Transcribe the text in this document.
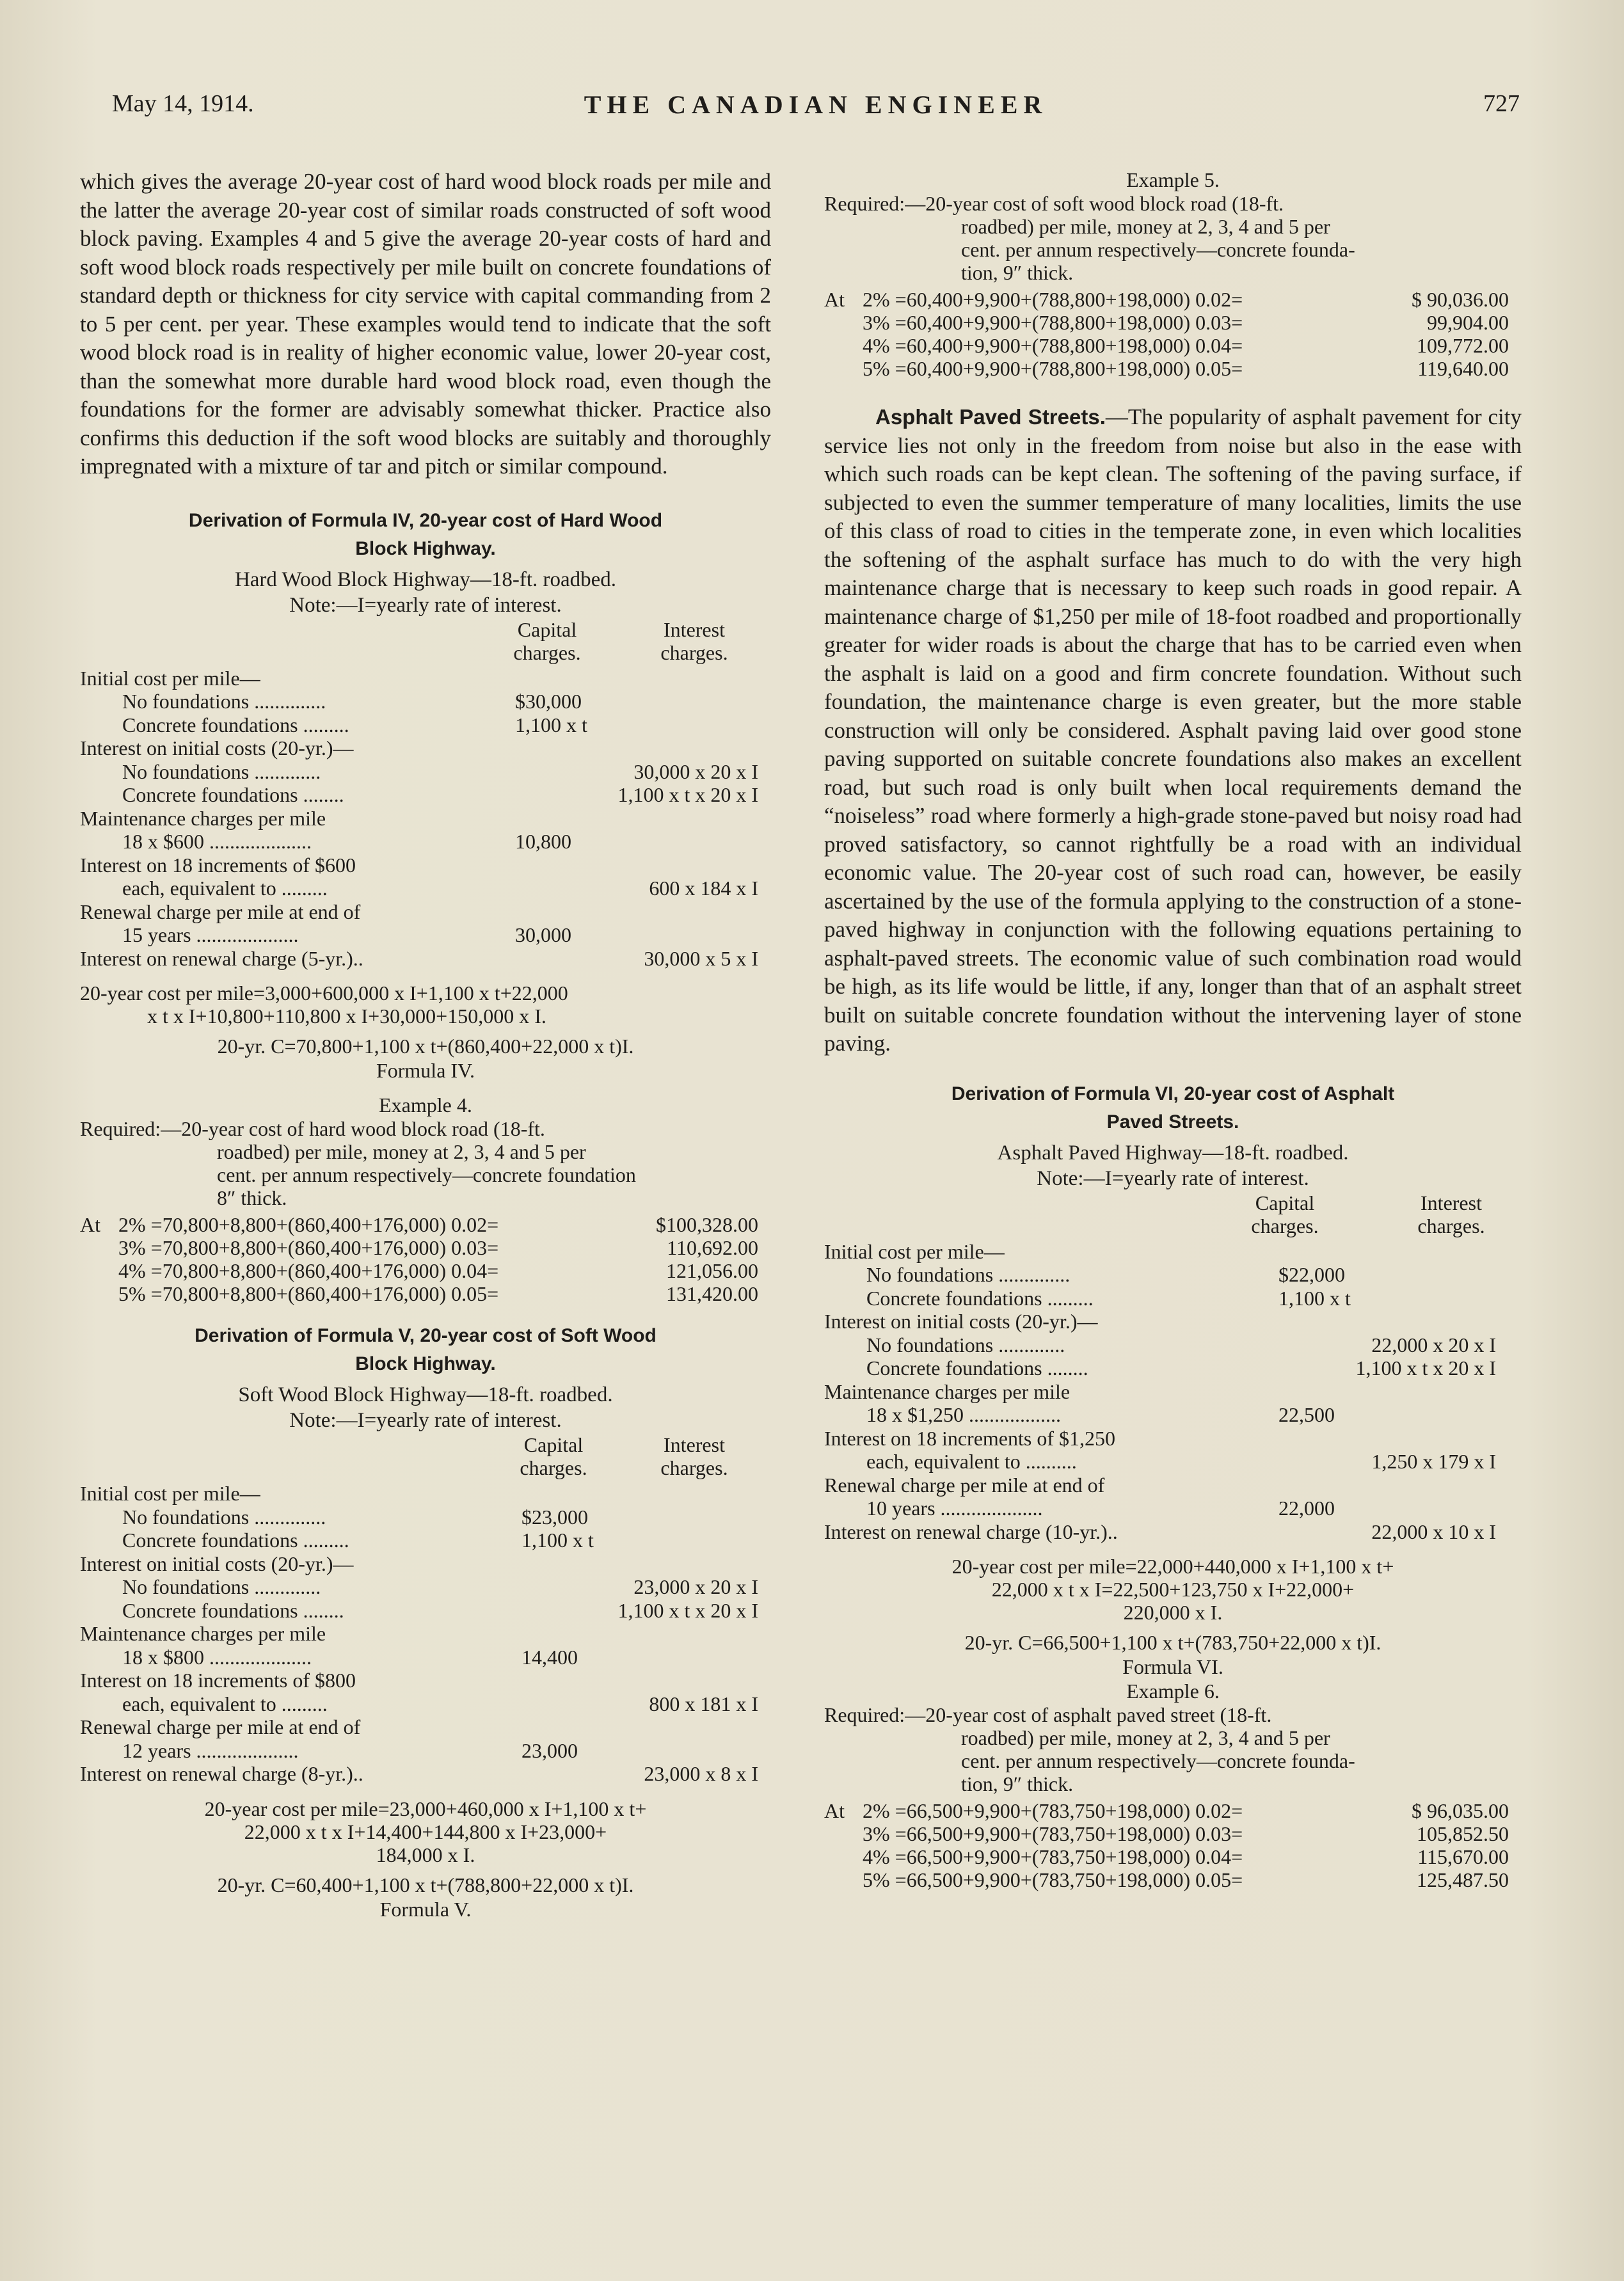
May 14, 1914.	THE CANADIAN ENGINEER	727

which gives the average 20-year cost of hard wood block roads per mile and the latter the average 20-year cost of similar roads constructed of soft wood block paving. Examples 4 and 5 give the average 20-year costs of hard and soft wood block roads respectively per mile built on concrete foundations of standard depth or thickness for city service with capital commanding from 2 to 5 per cent. per year. These examples would tend to indicate that the soft wood block road is in reality of higher economic value, lower 20-year cost, than the somewhat more durable hard wood block road, even though the foundations for the former are advisably somewhat thicker. Practice also confirms this deduction if the soft wood blocks are suitably and thoroughly impregnated with a mixture of tar and pitch or similar compound.

Derivation of Formula IV, 20-year cost of Hard Wood
Block Highway.
Hard Wood Block Highway—18-ft. roadbed.
Note:—I=yearly rate of interest.
Capital charges.
Interest charges.
Initial cost per mile—
No foundations ..............	$30,000
Concrete foundations .........	1,100 x t
Interest on initial costs (20-yr.)—
No foundations .............	30,000 x 20 x I
Concrete foundations ........	1,100 x t x 20 x I
Maintenance charges per mile
18 x $600 ....................	10,800
Interest on 18 increments of $600
each, equivalent to .........	600 x 184 x I
Renewal charge per mile at end of
15 years ....................	30,000
Interest on renewal charge (5-yr.)..	30,000 x 5 x I
20-year cost per mile=3,000+600,000 x I+1,100 x t+22,000
x t x I+10,800+110,800 x I+30,000+150,000 x I.
20-yr. C=70,800+1,100 x t+(860,400+22,000 x t)I.
Formula IV.
Example 4.
Required:—20-year cost of hard wood block road (18-ft.
roadbed) per mile, money at 2, 3, 4 and 5 per
cent. per annum respectively—concrete foundation
8″ thick.
At 2% =70,800+8,800+(860,400+176,000) 0.02=	$100,328.00
3% =70,800+8,800+(860,400+176,000) 0.03=	110,692.00
4% =70,800+8,800+(860,400+176,000) 0.04=	121,056.00
5% =70,800+8,800+(860,400+176,000) 0.05=	131,420.00
Derivation of Formula V, 20-year cost of Soft Wood
Block Highway.
Soft Wood Block Highway—18-ft. roadbed.
Note:—I=yearly rate of interest.
Capital charges.
Interest charges.
Initial cost per mile—
No foundations ..............	$23,000
Concrete foundations .........	1,100 x t
Interest on initial costs (20-yr.)—
No foundations .............	23,000 x 20 x I
Concrete foundations ........	1,100 x t x 20 x I
Maintenance charges per mile
18 x $800 ....................	14,400
Interest on 18 increments of $800
each, equivalent to .........	800 x 181 x I
Renewal charge per mile at end of
12 years ....................	23,000
Interest on renewal charge (8-yr.)..	23,000 x 8 x I
20-year cost per mile=23,000+460,000 x I+1,100 x t+
22,000 x t x I+14,400+144,800 x I+23,000+
184,000 x I.
20-yr. C=60,400+1,100 x t+(788,800+22,000 x t)I.
Formula V.
Example 5.
Required:—20-year cost of soft wood block road (18-ft.
roadbed) per mile, money at 2, 3, 4 and 5 per
cent. per annum respectively—concrete founda-
tion, 9″ thick.
At 2% =60,400+9,900+(788,800+198,000) 0.02=	$ 90,036.00
3% =60,400+9,900+(788,800+198,000) 0.03=	99,904.00
4% =60,400+9,900+(788,800+198,000) 0.04=	109,772.00
5% =60,400+9,900+(788,800+198,000) 0.05=	119,640.00

Asphalt Paved Streets.—The popularity of asphalt pavement for city service lies not only in the freedom from noise but also in the ease with which such roads can be kept clean. The softening of the paving surface, if subjected to even the summer temperature of many localities, limits the use of this class of road to cities in the temperate zone, in even which localities the softening of the asphalt surface has much to do with the very high maintenance charge that is necessary to keep such roads in good repair. A maintenance charge of $1,250 per mile of 18-foot roadbed and proportionally greater for wider roads is about the charge that has to be carried even when the asphalt is laid on a good and firm concrete foundation. Without such foundation, the maintenance charge is even greater, but the more stable construction will only be considered. Asphalt paving laid over good stone paving supported on suitable concrete foundations also makes an excellent road, but such road is only built when local requirements demand the “noiseless” road where formerly a high-grade stone-paved but noisy road had proved satisfactory, so cannot rightfully be a road with an individual economic value. The 20-year cost of such road can, however, be easily ascertained by the use of the formula applying to the construction of a stone-paved highway in conjunction with the following equations pertaining to asphalt-paved streets. The economic value of such combination road would be high, as its life would be little, if any, longer than that of an asphalt street built on suitable concrete foundation without the intervening layer of stone paving.

Derivation of Formula VI, 20-year cost of Asphalt
Paved Streets.
Asphalt Paved Highway—18-ft. roadbed.
Note:—I=yearly rate of interest.
Capital charges.
Interest charges.
Initial cost per mile—
No foundations ..............	$22,000
Concrete foundations .........	1,100 x t
Interest on initial costs (20-yr.)—
No foundations .............	22,000 x 20 x I
Concrete foundations ........	1,100 x t x 20 x I
Maintenance charges per mile
18 x $1,250 ..................	22,500
Interest on 18 increments of $1,250
each, equivalent to ..........	1,250 x 179 x I
Renewal charge per mile at end of
10 years ....................	22,000
Interest on renewal charge (10-yr.)..	22,000 x 10 x I
20-year cost per mile=22,000+440,000 x I+1,100 x t+
22,000 x t x I=22,500+123,750 x I+22,000+
220,000 x I.
20-yr. C=66,500+1,100 x t+(783,750+22,000 x t)I.
Formula VI.
Example 6.
Required:—20-year cost of asphalt paved street (18-ft.
roadbed) per mile, money at 2, 3, 4 and 5 per
cent. per annum respectively—concrete founda-
tion, 9″ thick.
At 2% =66,500+9,900+(783,750+198,000) 0.02=	$ 96,035.00
3% =66,500+9,900+(783,750+198,000) 0.03=	105,852.50
4% =66,500+9,900+(783,750+198,000) 0.04=	115,670.00
5% =66,500+9,900+(783,750+198,000) 0.05=	125,487.50
